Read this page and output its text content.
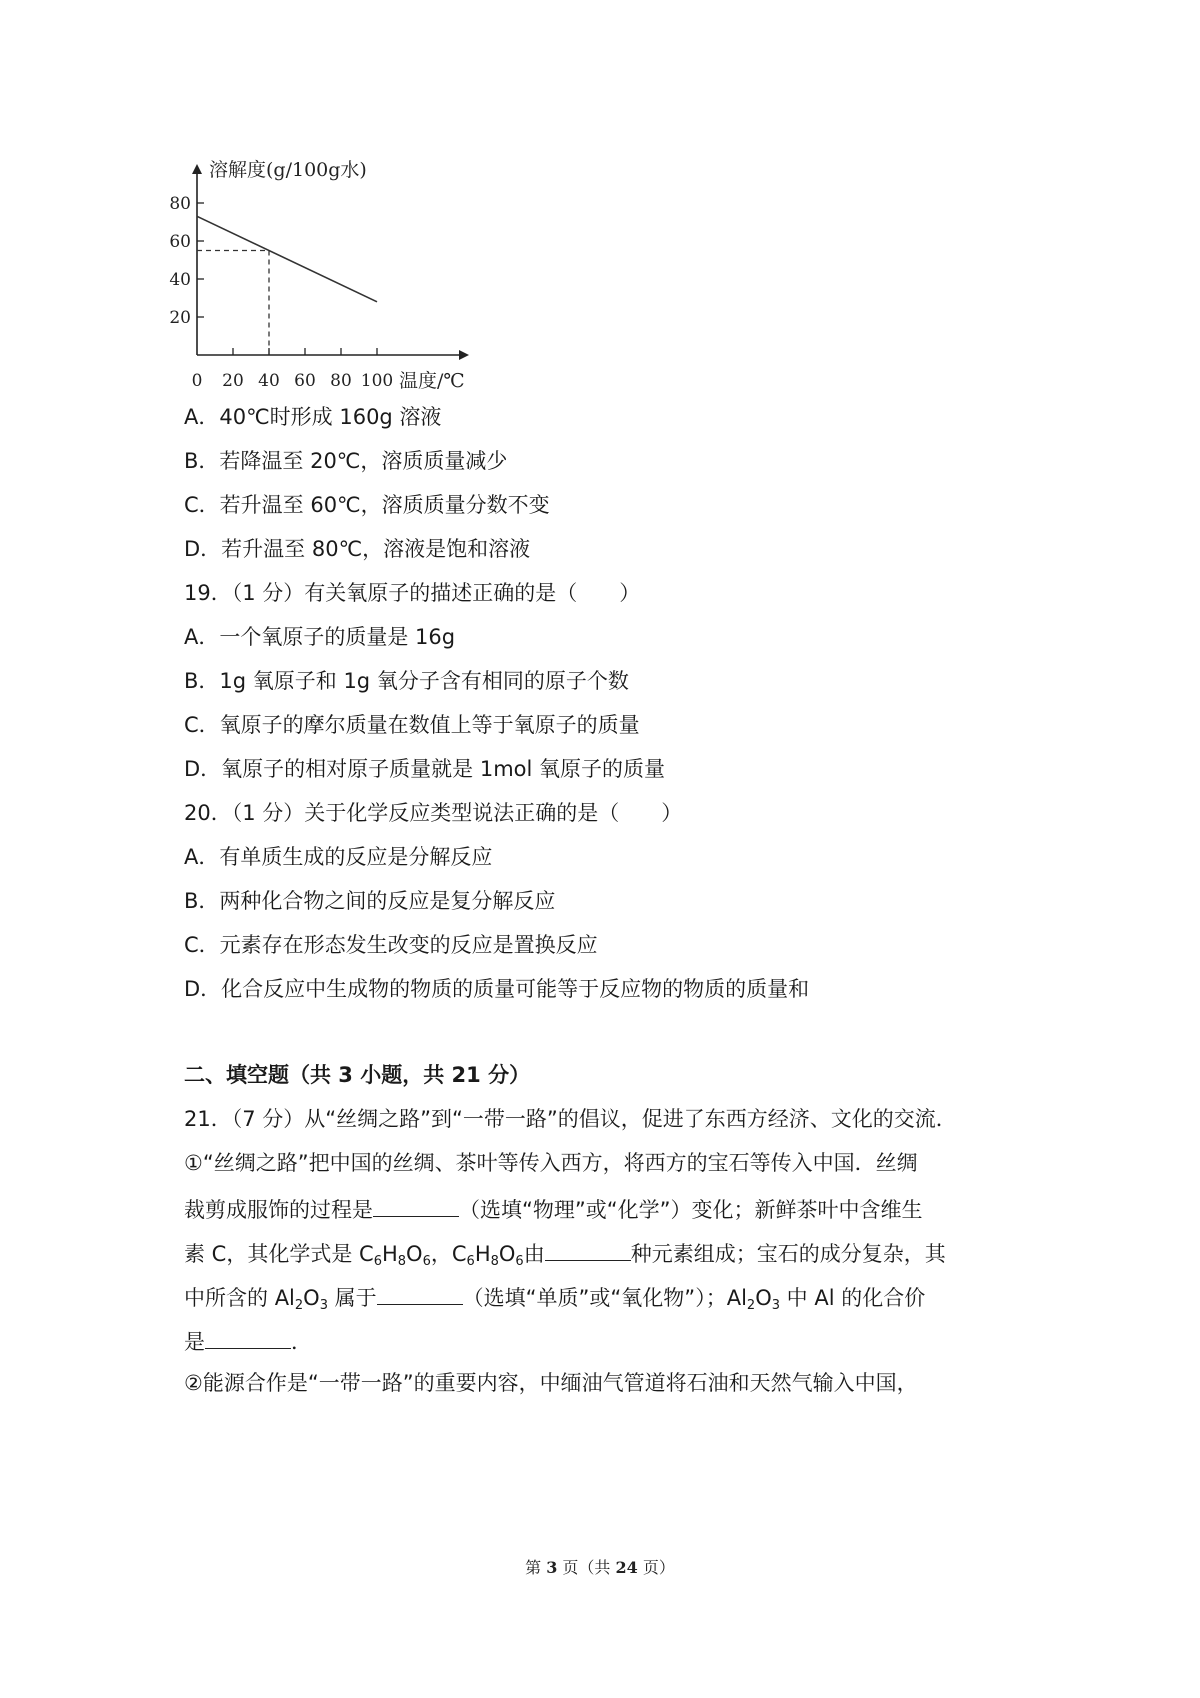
溶解度(g/100g水)
温度/℃
0 20 40 60 80 100
20
40
60
80

A．40℃时形成 160g 溶液

B．若降温至 20℃，溶质质量减少

C．若升温至 60℃，溶质质量分数不变

D．若升温至 80℃，溶液是饱和溶液

19．（1 分）有关氧原子的描述正确的是（　　）

A．一个氧原子的质量是 16g

B．1g 氧原子和 1g 氧分子含有相同的原子个数

C．氧原子的摩尔质量在数值上等于氧原子的质量

D．氧原子的相对原子质量就是 1mol 氧原子的质量

20．（1 分）关于化学反应类型说法正确的是（　　）

A．有单质生成的反应是分解反应

B．两种化合物之间的反应是复分解反应

C．元素存在形态发生改变的反应是置换反应

D．化合反应中生成物的物质的质量可能等于反应物的物质的质量和

二、填空题（共 3 小题，共 21 分）

21．（7 分）从“丝绸之路”到“一带一路”的倡议，促进了东西方经济、文化的交流．

①“丝绸之路”把中国的丝绸、茶叶等传入西方，将西方的宝石等传入中国．丝绸

裁剪成服饰的过程是	（选填“物理”或“化学”）变化；新鲜茶叶中含维生

素 C，其化学式是 $C_6H_8O_6$，$C_6H_8O_6$由	种元素组成；宝石的成分复杂，其

中所含的 $Al_2O_3$ 属于	（选填“单质”或“氧化物”）；$Al_2O_3$ 中 Al 的化合价

是	．

②能源合作是“一带一路”的重要内容，中缅油气管道将石油和天然气输入中国，

第 3 页（共 24 页）
